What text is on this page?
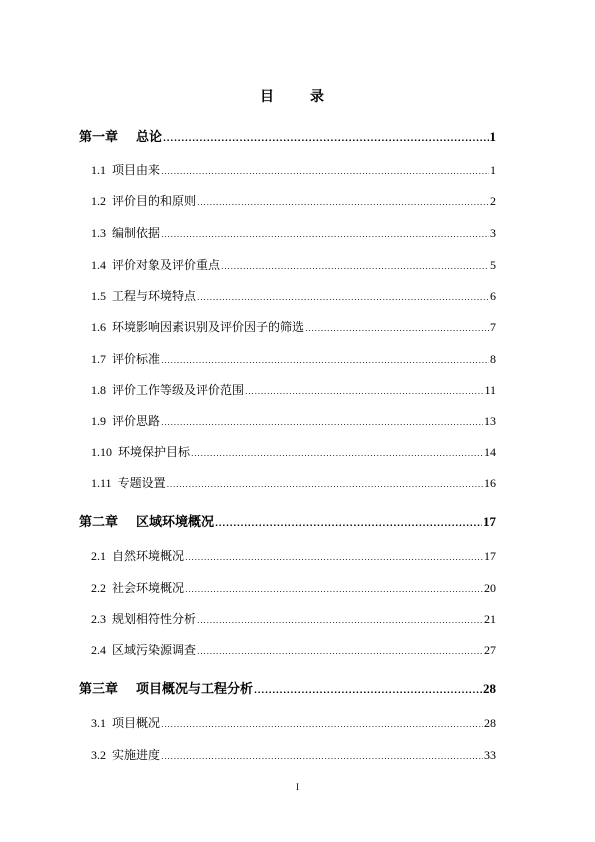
目　录
第一章 总论 .....	1
1.1 项目由来 .....	1
1.2 评价目的和原则 .....	2
1.3 编制依据 .....	3
1.4 评价对象及评价重点 .....	5
1.5 工程与环境特点 .....	6
1.6 环境影响因素识别及评价因子的筛选 .....	7
1.7 评价标准 .....	8
1.8 评价工作等级及评价范围 .....	11
1.9 评价思路 .....	13
1.10 环境保护目标 .....	14
1.11 专题设置 .....	16
第二章 区域环境概况 .....	17
2.1 自然环境概况 .....	17
2.2 社会环境概况 .....	20
2.3 规划相符性分析 .....	21
2.4 区域污染源调查 .....	27
第三章 项目概况与工程分析 .....	28
3.1 项目概况 .....	28
3.2 实施进度 .....	33
I
